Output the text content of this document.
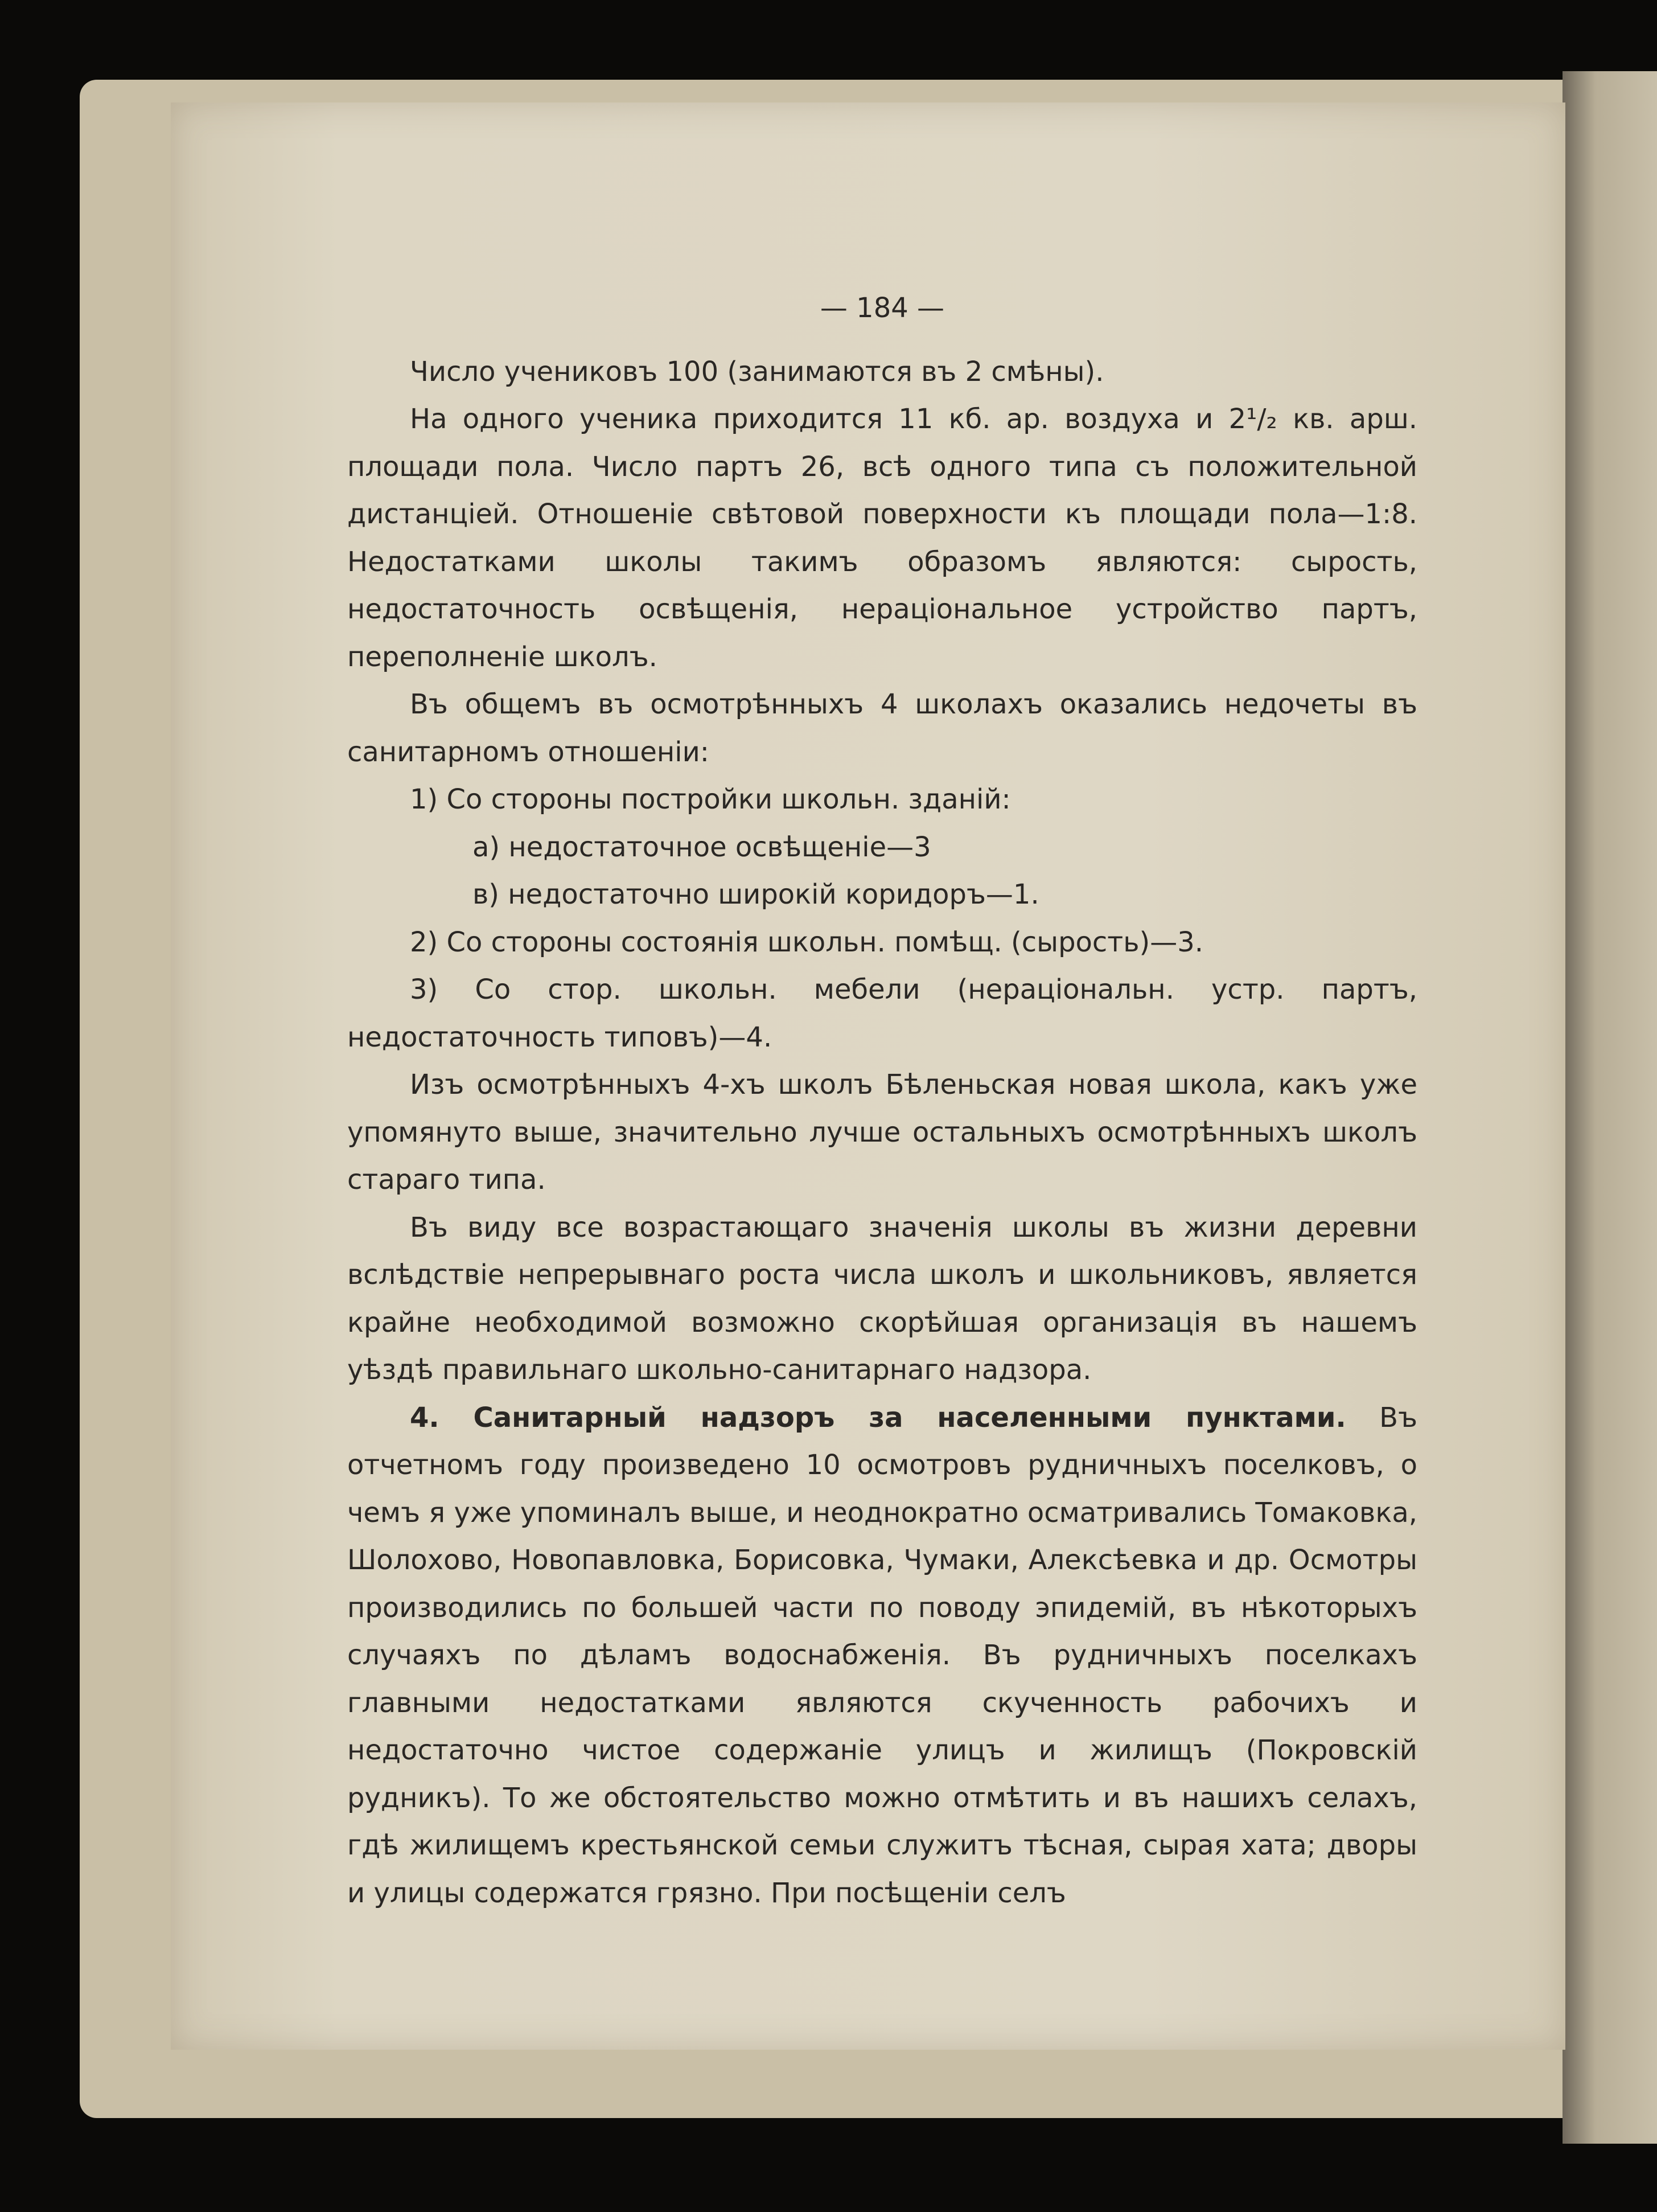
— 184 —

Число учениковъ 100 (занимаются въ 2 смѣны).

На одного ученика приходится 11 кб. ар. воздуха и 2¹/₂ кв. арш. площади пола. Число партъ 26, всѣ одного типа съ положительной дистанціей. Отношеніе свѣтовой поверхности къ площади пола—1:8. Недостатками школы такимъ образомъ являются: сырость, недостаточность освѣщенія, нераціональное устройство партъ, переполненіе школъ.

Въ общемъ въ осмотрѣнныхъ 4 школахъ оказались недочеты въ санитарномъ отношеніи:

1) Со стороны постройки школьн. зданій:

а) недостаточное освѣщеніе—3

в) недостаточно широкій коридоръ—1.

2) Со стороны состоянія школьн. помѣщ. (сырость)—3.

3) Со стор. школьн. мебели (нераціональн. устр. партъ, недостаточность типовъ)—4.

Изъ осмотрѣнныхъ 4-хъ школъ Бѣленьская новая школа, какъ уже упомянуто выше, значительно лучше остальныхъ осмотрѣнныхъ школъ стараго типа.

Въ виду все возрастающаго значенія школы въ жизни деревни вслѣдствіе непрерывнаго роста числа школъ и школьниковъ, является крайне необходимой возможно скорѣйшая организація въ нашемъ уѣздѣ правильнаго школьно-санитарнаго надзора.

4. Санитарный надзоръ за населенными пунктами. Въ отчетномъ году произведено 10 осмотровъ рудничныхъ поселковъ, о чемъ я уже упоминалъ выше, и неоднократно осматривались Томаковка, Шолохово, Новопавловка, Борисовка, Чумаки, Алексѣевка и др. Осмотры производились по большей части по поводу эпидемій, въ нѣкоторыхъ случаяхъ по дѣламъ водоснабженія. Въ рудничныхъ поселкахъ главными недостатками являются скученность рабочихъ и недостаточно чистое содержаніе улицъ и жилищъ (Покровскій рудникъ). То же обстоятельство можно отмѣтить и въ нашихъ селахъ, гдѣ жилищемъ крестьянской семьи служитъ тѣсная, сырая хата; дворы и улицы содержатся грязно. При посѣщеніи селъ
